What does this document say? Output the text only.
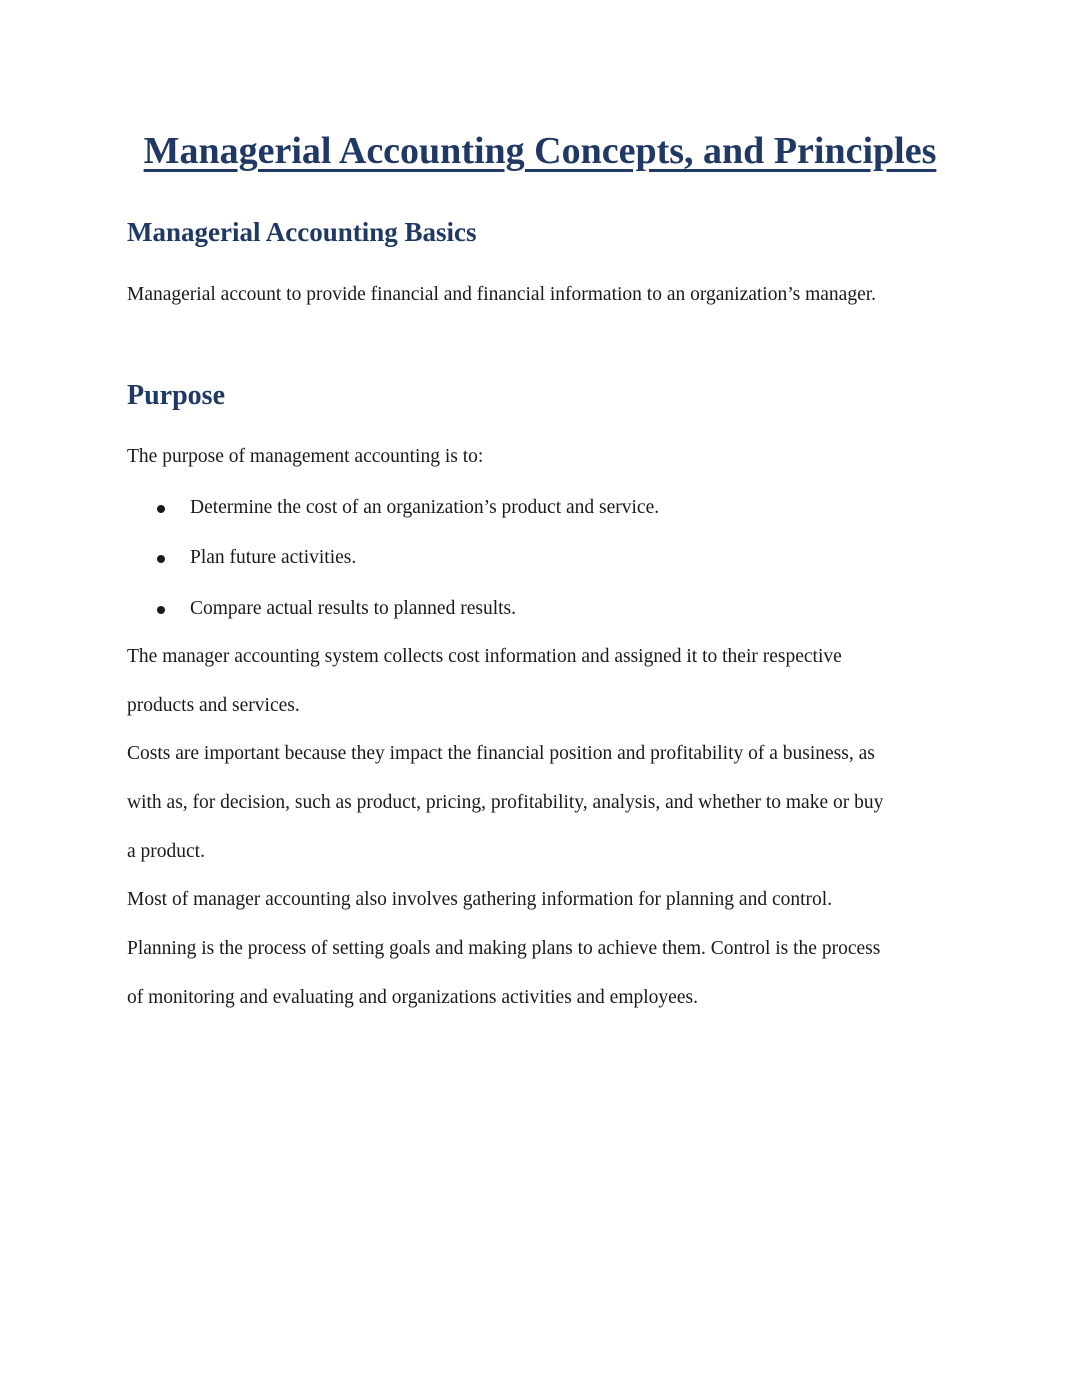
Managerial Accounting Concepts, and Principles
Managerial Accounting Basics

Managerial account to provide financial and financial information to an organization’s manager.

Purpose

The purpose of management accounting is to:

Determine the cost of an organization’s product and service.
Plan future activities.
Compare actual results to planned results.

The manager accounting system collects cost information and assigned it to their respective

products and services.

Costs are important because they impact the financial position and profitability of a business, as

with as, for decision, such as product, pricing, profitability, analysis, and whether to make or buy

a product.

Most of manager accounting also involves gathering information for planning and control.

Planning is the process of setting goals and making plans to achieve them. Control is the process

of monitoring and evaluating and organizations activities and employees.
